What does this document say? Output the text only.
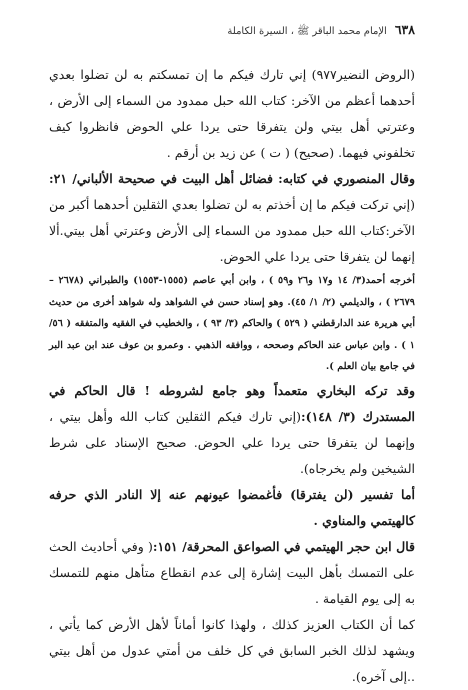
٦٣٨
الإمام محمد الباقر ﷺ ، السيرة الكاملة

(الروض النضير٩٧٧) إني تارك فيكم ما إن تمسكتم به لن تضلوا بعدي أحدهما أعظم من الآخر: كتاب الله حبل ممدود من السماء إلى الأرض ، وعترتي أهل بيتي ولن يتفرقا حتى يردا علي الحوض فانظروا كيف تخلفوني فيهما. (صحيح) ( ت ) عن زيد بن أرقم .

وقال المنصوري في كتابه: فضائل أهل البيت في صحيحة الألباني/ ٢١:(إني تركت فيكم ما إن أخذتم به لن تضلوا بعدي الثقلين أحدهما أكبر من الآخر:كتاب الله حبل ممدود من السماء إلى الأرض وعترتي أهل بيتي.ألا إنهما لن يتفرقا حتى يردا علي الحوض.

أخرجه أحمد(٣/ ١٤ و١٧ و٢٦ و٥٩ ) ، وابن أبي عاصم (١٥٥٥-١٥٥٣) والطبراني (٢٦٧٨ – ٢٦٧٩ ) ، والديلمي (٢/ ١/ ٤٥). وهو إسناد حسن في الشواهد وله شواهد أخرى من حديث أبي هريرة عند الدارقطني ( ٥٢٩ ) والحاكم (٣/ ٩٣ ) ، والخطيب في الفقيه والمتفقه ( ٥٦/ ١ ) . وابن عباس عند الحاكم وصححه ، ووافقه الذهبي . وعمرو بن عوف عند ابن عبد البر في جامع بيان العلم ).

وقد تركه البخاري متعمداً وهو جامع لشروطه ! قال الحاكم في المستدرك (٣/ ١٤٨):(إني تارك فيكم الثقلين كتاب الله وأهل بيتي ، وإنهما لن يتفرقا حتى يردا علي الحوض. صحيح الإسناد على شرط الشيخين ولم يخرجاه).

أما تفسير (لن يفترقا) فأغمضوا عيونهم عنه إلا النادر الذي حرفه كالهيتمي والمناوي .

قال ابن حجر الهيتمي في الصواعق المحرقة/ ١٥١:( وفي أحاديث الحث على التمسك بأهل البيت إشارة إلى عدم انقطاع متأهل منهم للتمسك به إلى يوم القيامة .

كما أن الكتاب العزيز كذلك ، ولهذا كانوا أماناً لأهل الأرض كما يأتي ، ويشهد لذلك الخبر السابق في كل خلف من أمتي عدول من أهل بيتي ..إلى آخره).
